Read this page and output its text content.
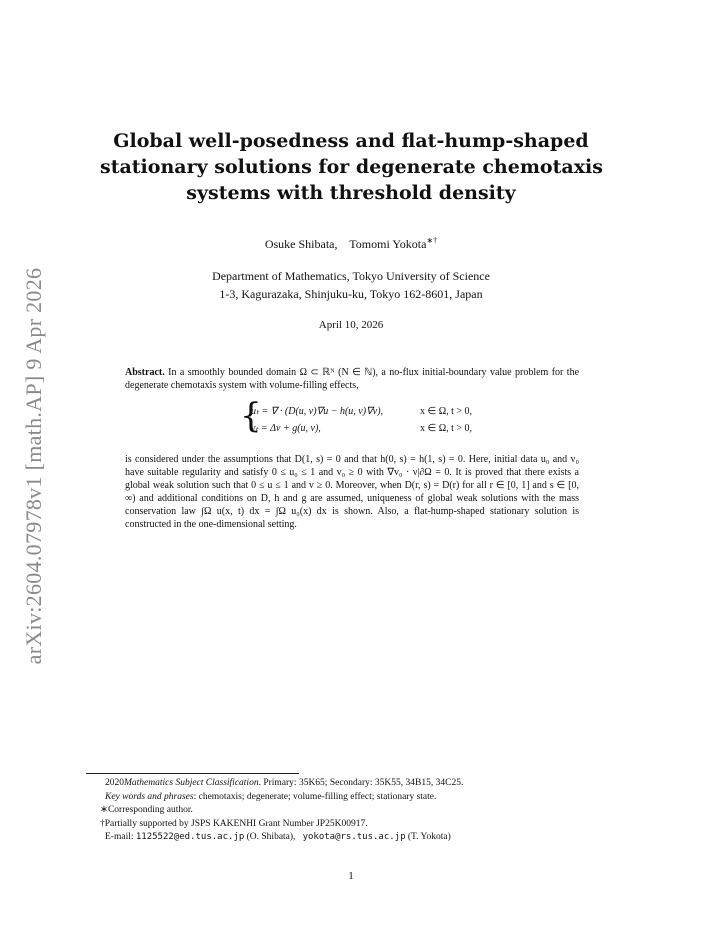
arXiv:2604.07978v1 [math.AP] 9 Apr 2026
Global well-posedness and flat-hump-shaped
stationary solutions for degenerate chemotaxis
systems with threshold density
Osuke Shibata, Tomomi Yokota∗†
Department of Mathematics, Tokyo University of Science
1-3, Kagurazaka, Shinjuku-ku, Tokyo 162-8601, Japan
April 10, 2026
Abstract. In a smoothly bounded domain Ω ⊂ ℝᴺ (N ∈ ℕ), a no-flux initial-boundary value problem for the degenerate chemotaxis system with volume-filling effects,
{
uₜ = ∇ · (D(u, v)∇u − h(u, v)∇v),	x ∈ Ω, t > 0,
vₜ = Δv + g(u, v),	x ∈ Ω, t > 0,
is considered under the assumptions that D(1, s) = 0 and that h(0, s) = h(1, s) = 0. Here, initial data u₀ and v₀ have suitable regularity and satisfy 0 ≤ u₀ ≤ 1 and v₀ ≥ 0 with ∇v₀ · ν|∂Ω = 0. It is proved that there exists a global weak solution such that 0 ≤ u ≤ 1 and v ≥ 0. Moreover, when D(r, s) = D(r) for all r ∈ [0, 1] and s ∈ [0, ∞) and additional conditions on D, h and g are assumed, uniqueness of global weak solutions with the mass conservation law ∫Ω u(x, t) dx = ∫Ω u₀(x) dx is shown. Also, a flat-hump-shaped stationary solution is constructed in the one-dimensional setting.
2020Mathematics Subject Classification. Primary: 35K65; Secondary: 35K55, 34B15, 34C25.
Key words and phrases: chemotaxis; degenerate; volume-filling effect; stationary state.
∗Corresponding author.
†Partially supported by JSPS KAKENHI Grant Number JP25K00917.
E-mail: 1125522@ed.tus.ac.jp (O. Shibata), yokota@rs.tus.ac.jp (T. Yokota)
1
